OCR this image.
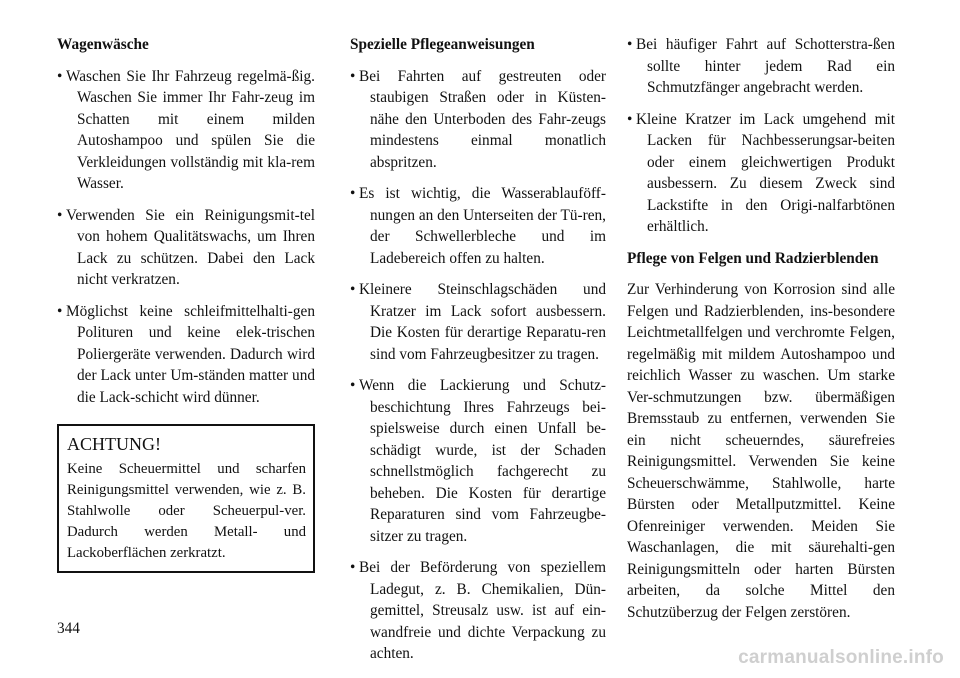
Wagenwäsche
• Waschen Sie Ihr Fahrzeug regelmä-ßig. Waschen Sie immer Ihr Fahr-zeug im Schatten mit einem milden Autoshampoo und spülen Sie die Verkleidungen vollständig mit kla-rem Wasser.
• Verwenden Sie ein Reinigungsmit-tel von hohem Qualitätswachs, um Ihren Lack zu schützen. Dabei den Lack nicht verkratzen.
• Möglichst keine schleifmittelhalti-gen Polituren und keine elek-trischen Poliergeräte verwenden. Dadurch wird der Lack unter Um-ständen matter und die Lack-schicht wird dünner.
ACHTUNG!

Keine Scheuermittel und scharfen Reinigungsmittel verwenden, wie z. B. Stahlwolle oder Scheuerpul-ver. Dadurch werden Metall- und Lackoberflächen zerkratzt.

Spezielle Pflegeanweisungen
• Bei Fahrten auf gestreuten oder staubigen Straßen oder in Küsten-nähe den Unterboden des Fahr-zeugs mindestens einmal monatlich abspritzen.
• Es ist wichtig, die Wasserablauföff-nungen an den Unterseiten der Tü-ren, der Schwellerbleche und im Ladebereich offen zu halten.
• Kleinere Steinschlagschäden und Kratzer im Lack sofort ausbessern. Die Kosten für derartige Reparatu-ren sind vom Fahrzeugbesitzer zu tragen.
• Wenn die Lackierung und Schutz-beschichtung Ihres Fahrzeugs bei-spielsweise durch einen Unfall be-schädigt wurde, ist der Schaden schnellstmöglich fachgerecht zu beheben. Die Kosten für derartige Reparaturen sind vom Fahrzeugbe-sitzer zu tragen.
• Bei der Beförderung von speziellem Ladegut, z. B. Chemikalien, Dün-gemittel, Streusalz usw. ist auf ein-wandfreie und dichte Verpackung zu achten.
• Bei häufiger Fahrt auf Schotterstra-ßen sollte hinter jedem Rad ein Schmutzfänger angebracht werden.
• Kleine Kratzer im Lack umgehend mit Lacken für Nachbesserungsar-beiten oder einem gleichwertigen Produkt ausbessern. Zu diesem Zweck sind Lackstifte in den Origi-nalfarbtönen erhältlich.
Pflege von Felgen und Radzierblenden

Zur Verhinderung von Korrosion sind alle Felgen und Radzierblenden, ins-besondere Leichtmetallfelgen und verchromte Felgen, regelmäßig mit mildem Autoshampoo und reichlich Wasser zu waschen. Um starke Ver-schmutzungen bzw. übermäßigen Bremsstaub zu entfernen, verwenden Sie ein nicht scheuerndes, säurefreies Reinigungsmittel. Verwenden Sie keine Scheuerschwämme, Stahlwolle, harte Bürsten oder Metallputzmittel. Keine Ofenreiniger verwenden. Meiden Sie Waschanlagen, die mit säurehalti-gen Reinigungsmitteln oder harten Bürsten arbeiten, da solche Mittel den Schutzüberzug der Felgen zerstören.

344
carmanualsonline.info
